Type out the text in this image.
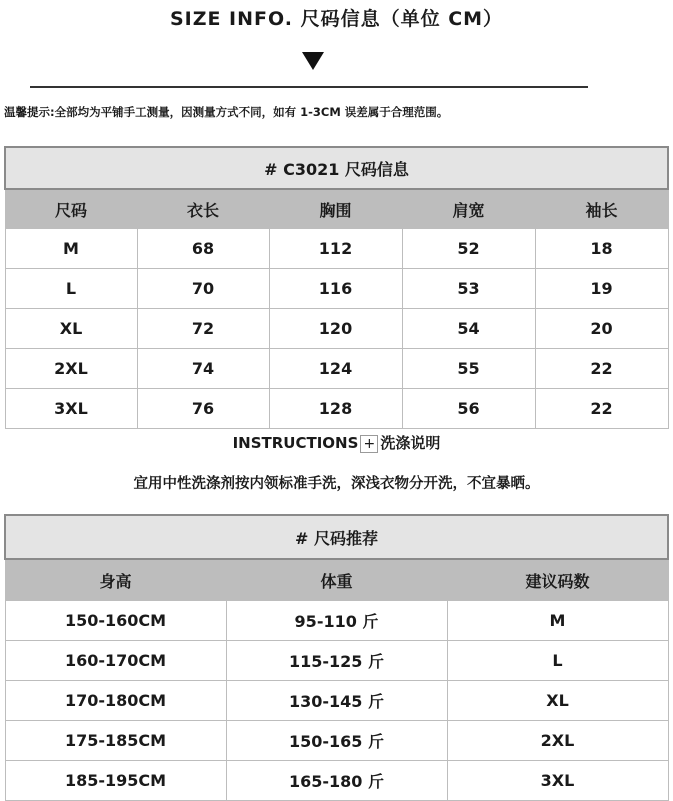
SIZE INFO. 尺码信息（单位 CM）
温馨提示:全部均为平铺手工测量，因测量方式不同，如有 1-3CM 误差属于合理范围。
# C3021 尺码信息				
尺码	衣长	胸围	肩宽	袖长
M	68	112	52	18
L	70	116	53	19
XL	72	120	54	20
2XL	74	124	55	22
3XL	76	128	56	22
INSTRUCTIONS + 洗涤说明
宜用中性洗涤剂按内领标准手洗，深浅衣物分开洗，不宜暴晒。
# 尺码推荐		
身高	体重	建议码数
150-160CM	95-110 斤	M
160-170CM	115-125 斤	L
170-180CM	130-145 斤	XL
175-185CM	150-165 斤	2XL
185-195CM	165-180 斤	3XL
